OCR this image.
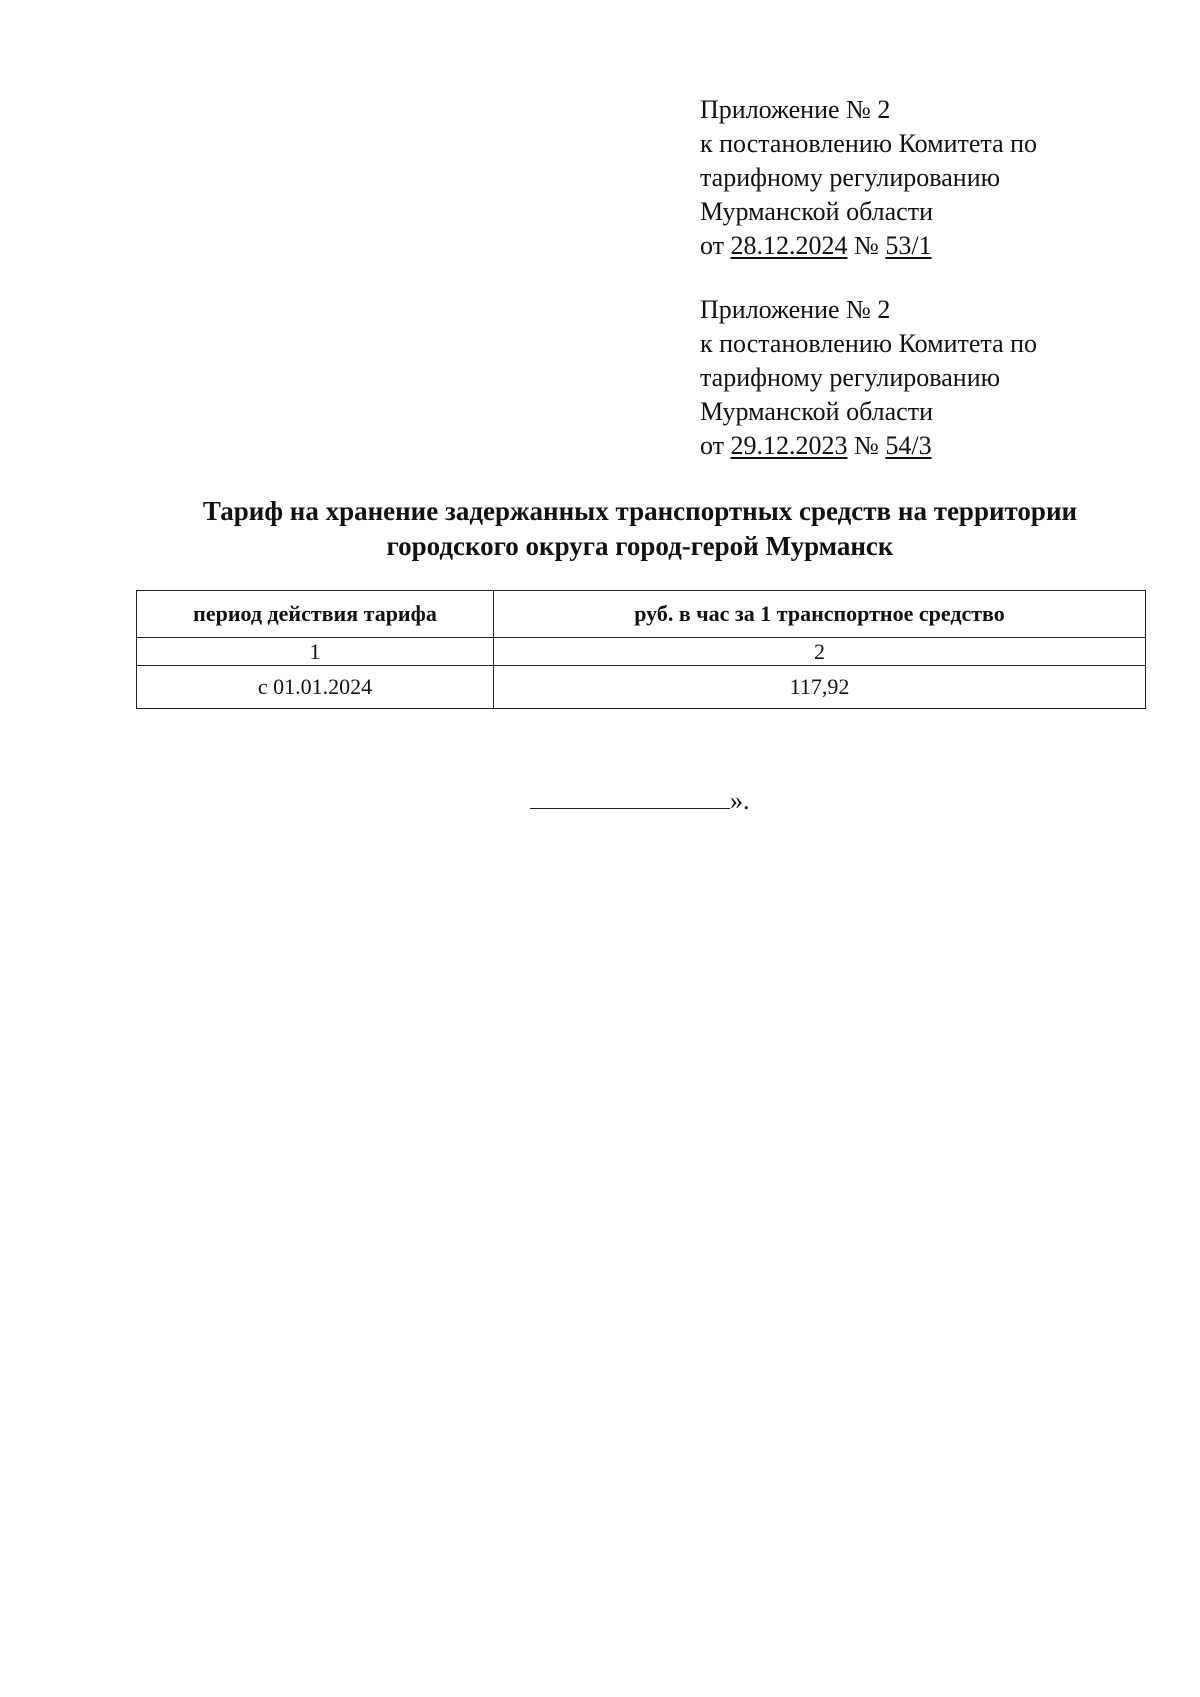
Приложение № 2
к постановлению Комитета по
тарифному регулированию
Мурманской области
от 28.12.2024 № 53/1
Приложение № 2
к постановлению Комитета по
тарифному регулированию
Мурманской области
от 29.12.2023 № 54/3
Тариф на хранение задержанных транспортных средств на территории
городского округа город-герой Мурманск
период действия тарифа	руб. в час за 1 транспортное средство
1	2
с 01.01.2024	117,92
».
